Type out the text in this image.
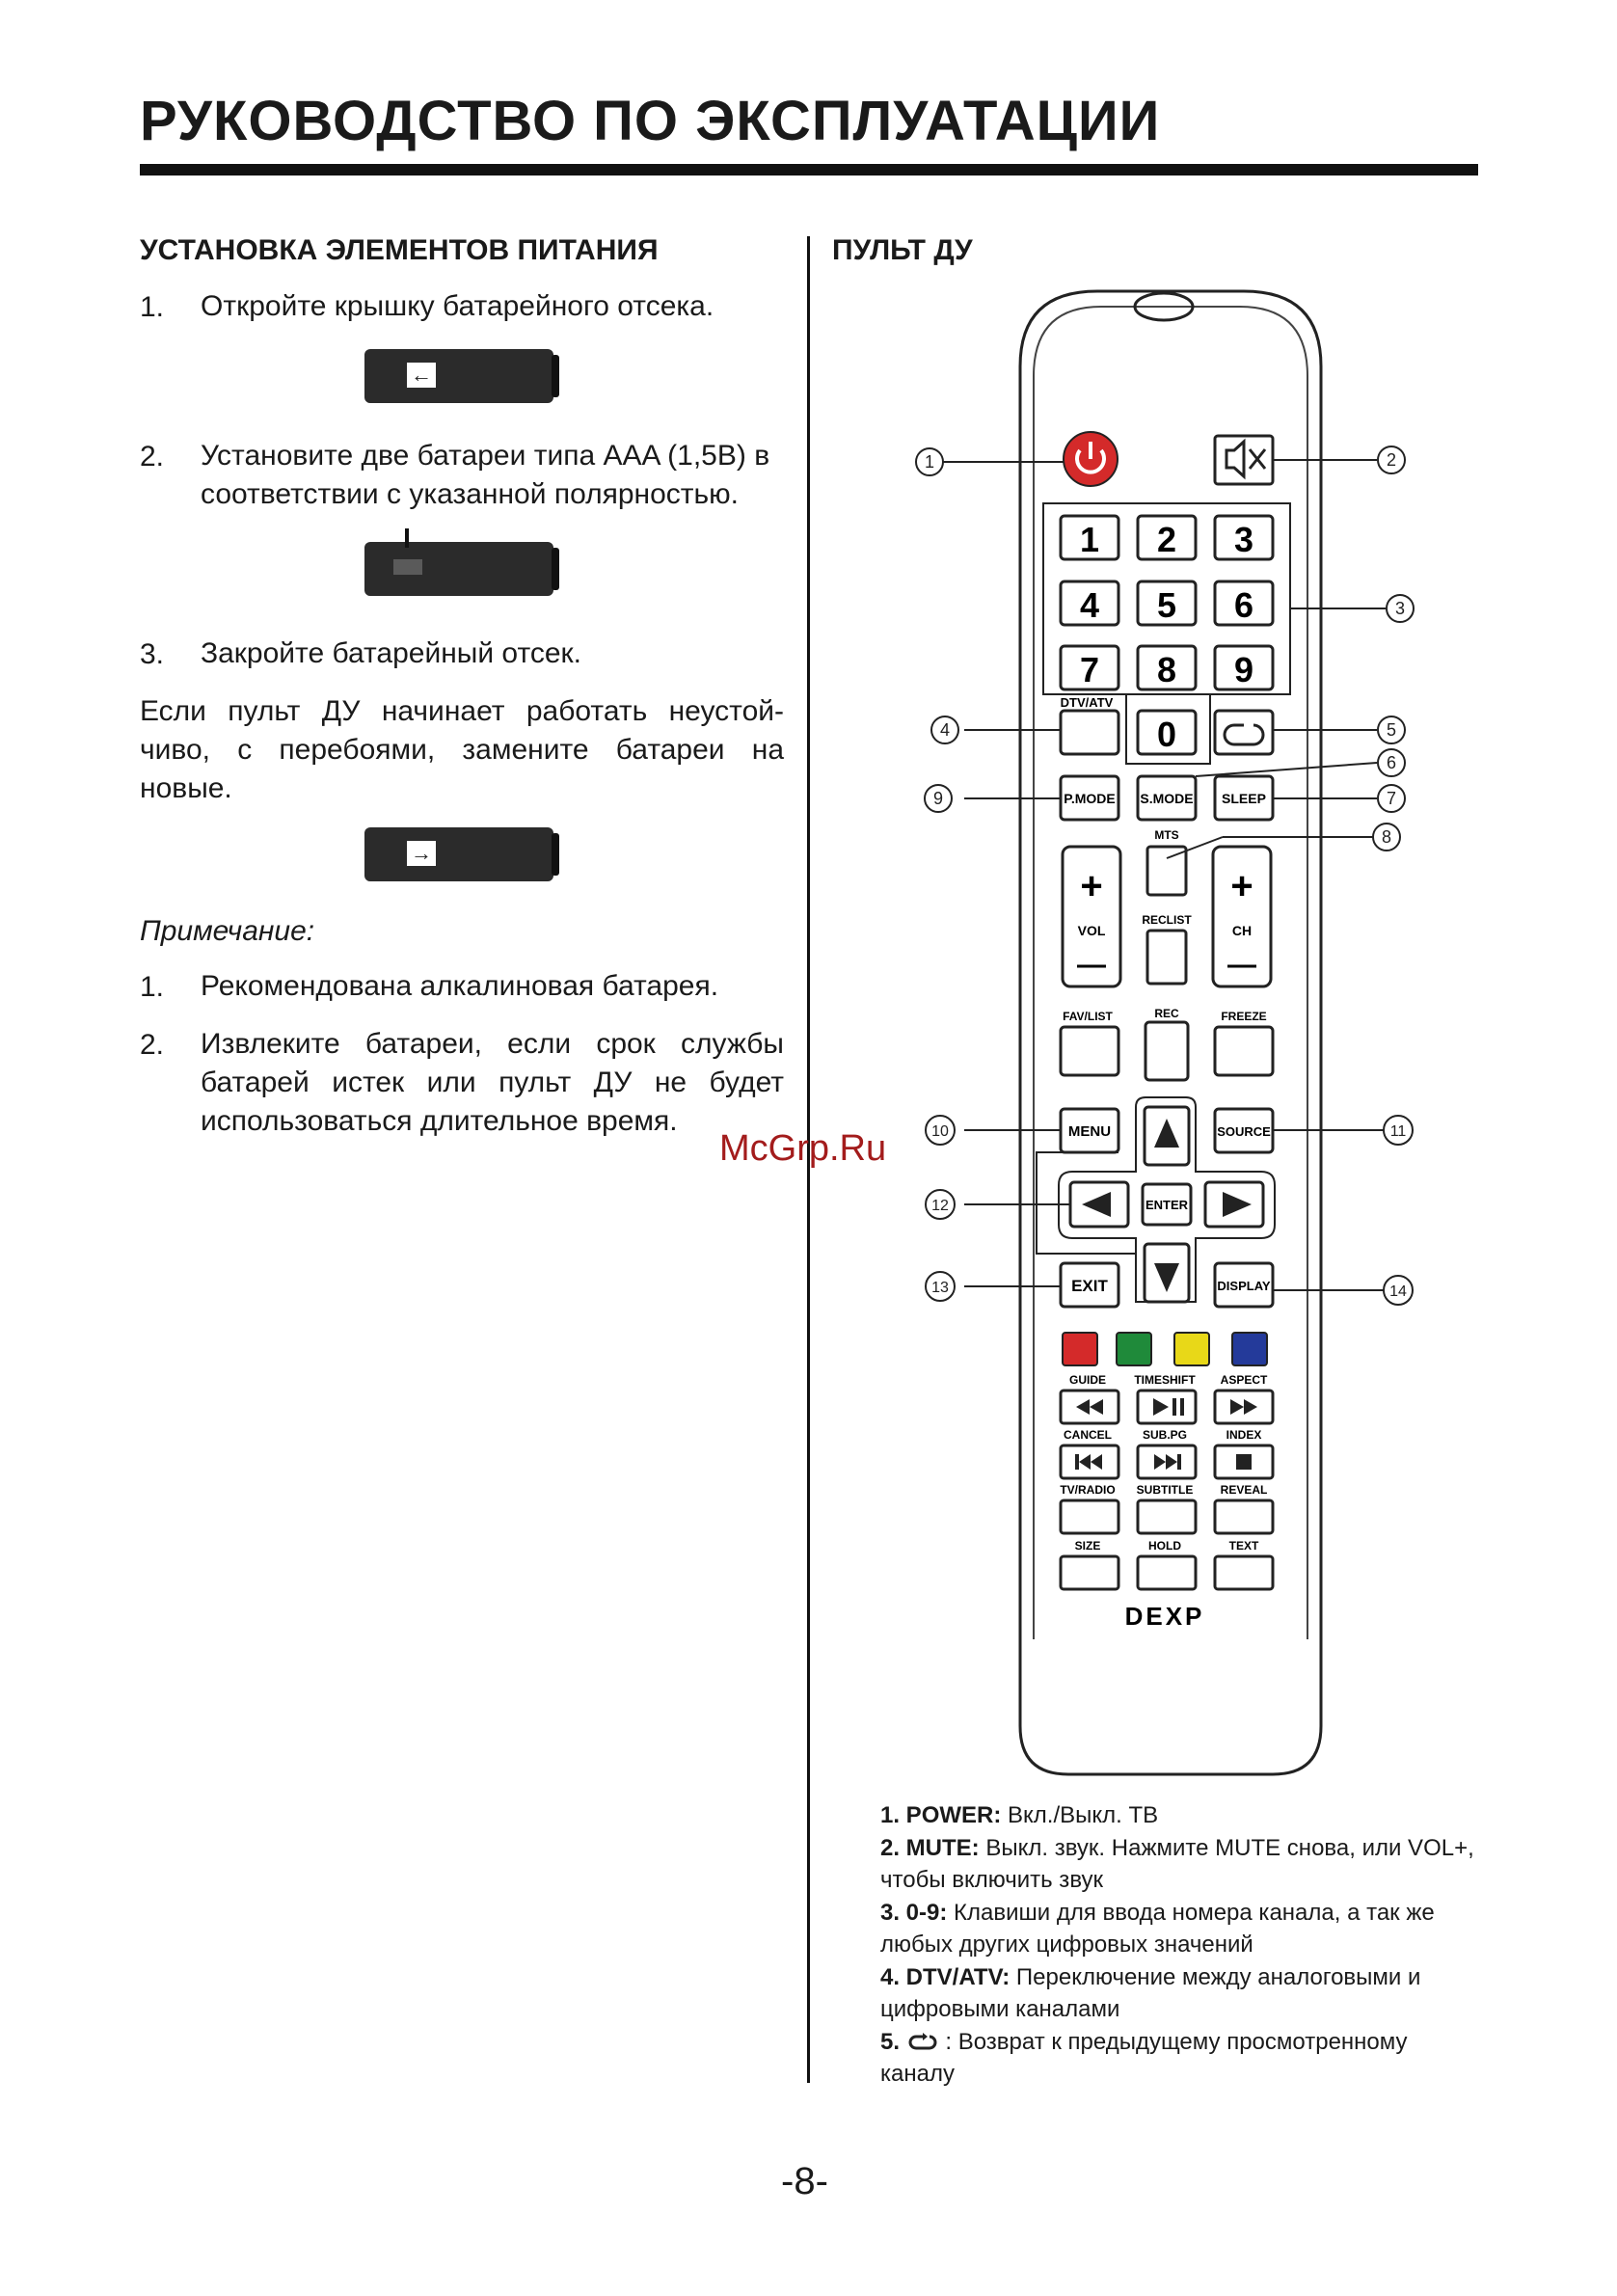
РУКОВОДСТВО ПО ЭКСПЛУАТАЦИИ
УСТАНОВКА ЭЛЕМЕНТОВ ПИТАНИЯ
1. Откройте крышку батарейного отсека.
←
2. Установите две батареи типа AAA (1,5В) в
соответствии с указанной полярностью.
3. Закройте батарейный отсек.
Если пульт ДУ начинает работать неустой-
чиво, с перебоями, замените батареи на
новые.
→
Примечание:
1. Рекомендована алкалиновая батарея.
2. Извлеките батареи, если срок службы
батарей истек или пульт ДУ не будет
использоваться длительное время.
McGrp.Ru
ПУЛЬТ ДУ
1 2 3
4 5 6
7 8 9
0
DTV/ATV
P.MODE S.MODE SLEEP
+
VOL
—
+
CH
—
MTS
RECLIST
FAV/LIST	REC	FREEZE
MENU	SOURCE
ENTER
EXIT	DISPLAY
GUIDE TIMESHIFT ASPECT
CANCEL	SUB.PG	INDEX
TV/RADIO SUBTITLE REVEAL
SIZE	HOLD	TEXT
DEXP
1	2
3
4	5
6
7
8
9
10	11
12
13	14
1. POWER: Вкл./Выкл. ТВ
2. MUTE: Выкл. звук. Нажмите MUTE снова, или VOL+,
чтобы включить звук
3. 0-9: Клавиши для ввода номера канала, а так же
любых других цифровых значений
4. DTV/ATV: Переключение между аналоговыми и
цифровыми каналами
5.  : Возврат к предыдущему просмотренному
каналу
-8-
